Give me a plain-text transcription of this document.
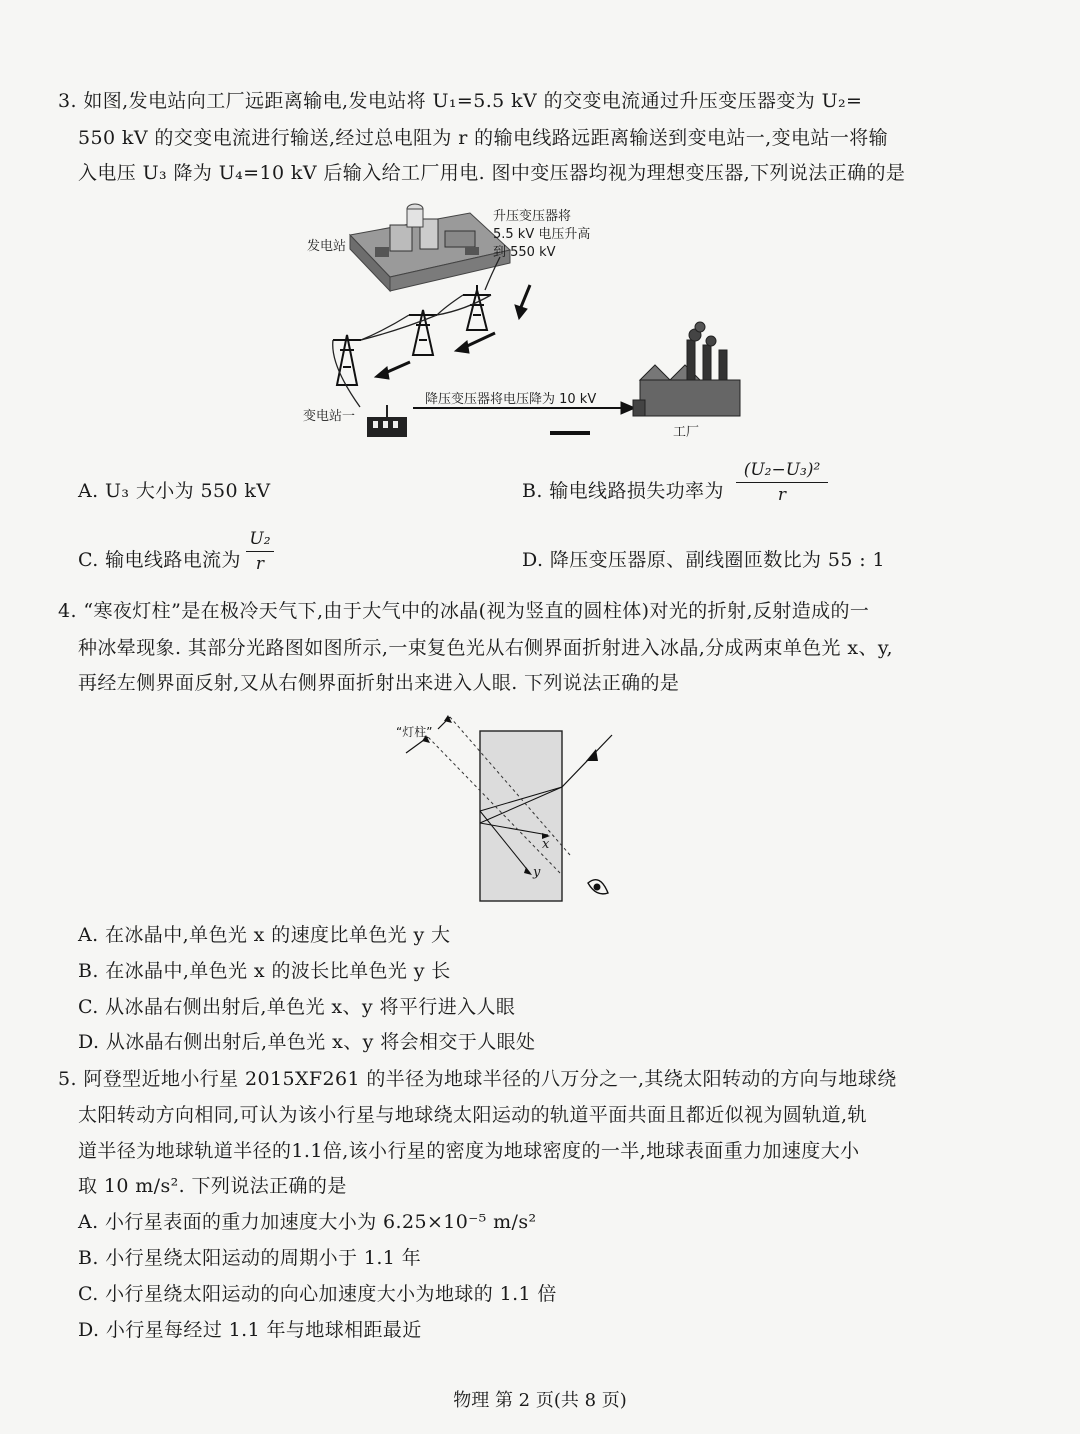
3. 如图,发电站向工厂远距离输电,发电站将 U₁=5.5 kV 的交变电流通过升压变压器变为 U₂=
550 kV 的交变电流进行输送,经过总电阻为 r 的输电线路远距离输送到变电站一,变电站一将输
入电压 U₃ 降为 U₄=10 kV 后输入给工厂用电. 图中变压器均视为理想变压器,下列说法正确的是
发电站
升压变压器将
5.5 kV 电压升高
到 550 kV
变电站一
降压变压器将电压降为 10 kV
工厂
A. U₃ 大小为 550 kV	B. 输电线路损失功率为
(U₂−U₃)²
r
C. 输电线路电流为
U₂
r	D. 降压变压器原、副线圈匝数比为 55 : 1
4. “寒夜灯柱”是在极冷天气下,由于大气中的冰晶(视为竖直的圆柱体)对光的折射,反射造成的一
种冰晕现象. 其部分光路图如图所示,一束复色光从右侧界面折射进入冰晶,分成两束单色光 x、y,
再经左侧界面反射,又从右侧界面折射出来进入人眼. 下列说法正确的是
“灯柱”
x
y
A. 在冰晶中,单色光 x 的速度比单色光 y 大
B. 在冰晶中,单色光 x 的波长比单色光 y 长
C. 从冰晶右侧出射后,单色光 x、y 将平行进入人眼
D. 从冰晶右侧出射后,单色光 x、y 将会相交于人眼处
5. 阿登型近地小行星 2015XF261 的半径为地球半径的八万分之一,其绕太阳转动的方向与地球绕
太阳转动方向相同,可认为该小行星与地球绕太阳运动的轨道平面共面且都近似视为圆轨道,轨
道半径为地球轨道半径的1.1倍,该小行星的密度为地球密度的一半,地球表面重力加速度大小
取 10 m/s². 下列说法正确的是
A. 小行星表面的重力加速度大小为 6.25×10⁻⁵ m/s²
B. 小行星绕太阳运动的周期小于 1.1 年
C. 小行星绕太阳运动的向心加速度大小为地球的 1.1 倍
D. 小行星每经过 1.1 年与地球相距最近
物理 第 2 页(共 8 页)
